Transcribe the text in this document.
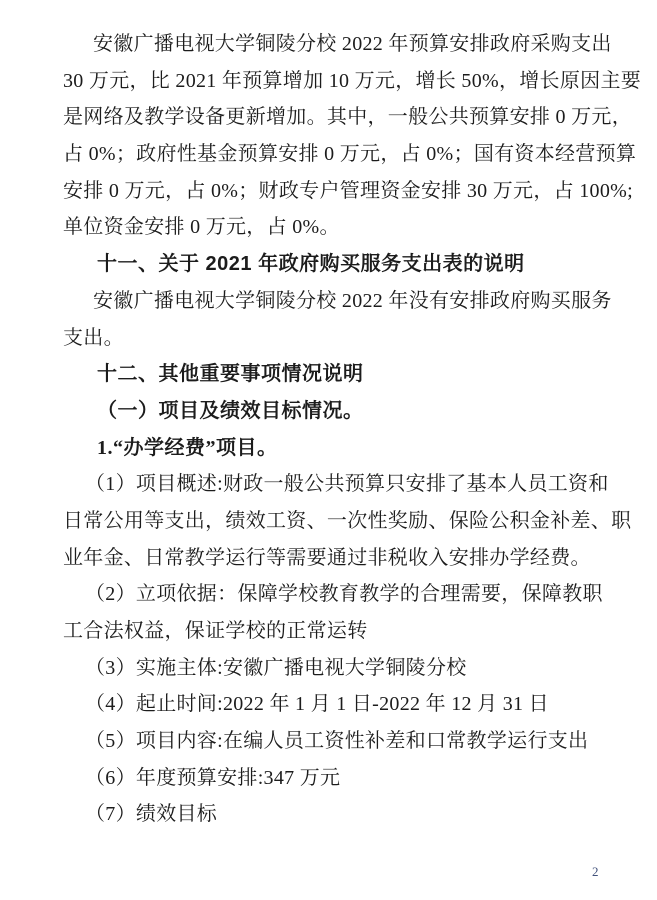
安徽广播电视大学铜陵分校 2022 年预算安排政府采购支出
30 万元，比 2021 年预算增加 10 万元，增长 50%，增长原因主要
是网络及教学设备更新增加。其中，一般公共预算安排 0 万元，
占 0%；政府性基金预算安排 0 万元，占 0%；国有资本经营预算
安排 0 万元，占 0%；财政专户管理资金安排 30 万元，占 100%;
单位资金安排 0 万元，占 0%。
十一、关于 2021 年政府购买服务支出表的说明
安徽广播电视大学铜陵分校 2022 年没有安排政府购买服务
支出。
十二、其他重要事项情况说明
（一）项目及绩效目标情况。
1.“办学经费”项目。
（1）项目概述:财政一般公共预算只安排了基本人员工资和
日常公用等支出，绩效工资、一次性奖励、保险公积金补差、职
业年金、日常教学运行等需要通过非税收入安排办学经费。
（2）立项依据：保障学校教育教学的合理需要，保障教职
工合法权益，保证学校的正常运转
（3）实施主体:安徽广播电视大学铜陵分校
（4）起止时间:2022 年 1 月 1 日-2022 年 12 月 31 日
（5）项目内容:在编人员工资性补差和口常教学运行支出
（6）年度预算安排:347 万元
（7）绩效目标
2
